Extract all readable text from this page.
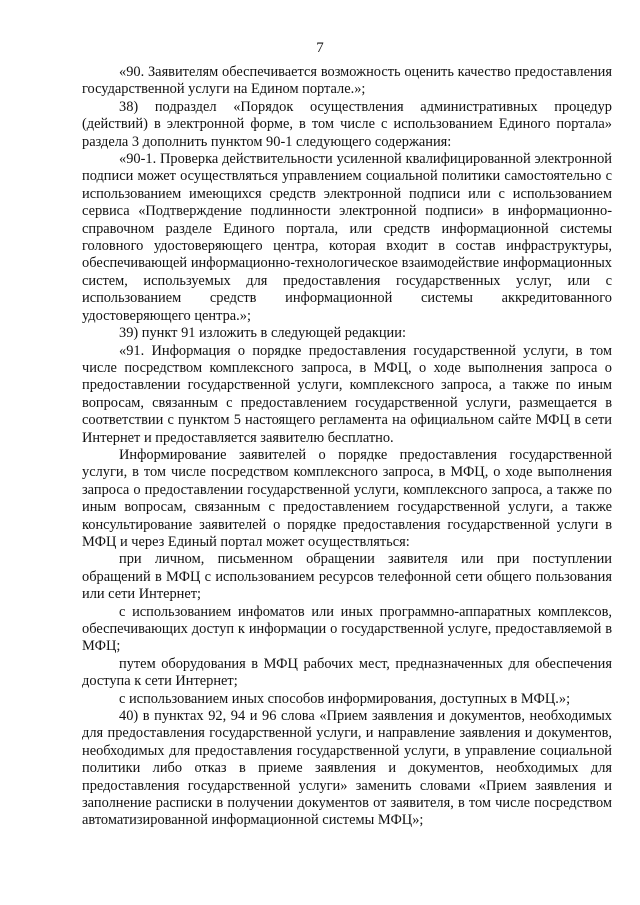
7

«90. Заявителям обеспечивается возможность оценить качество предоставления государственной услуги на Едином портале.»;

38) подраздел «Порядок осуществления административных процедур (действий) в электронной форме, в том числе с использованием Единого портала» раздела 3 дополнить пунктом 90-1 следующего содержания:

«90-1. Проверка действительности усиленной квалифицированной электронной подписи может осуществляться управлением социальной политики самостоятельно с использованием имеющихся средств электронной подписи или с использованием сервиса «Подтверждение подлинности электронной подписи» в информационно-справочном разделе Единого портала, или средств информационной системы головного удостоверяющего центра, которая входит в состав инфраструктуры, обеспечивающей информационно-технологическое взаимодействие информационных систем, используемых для предоставления государственных услуг, или с использованием средств информационной системы аккредитованного удостоверяющего центра.»;

39) пункт 91 изложить в следующей редакции:

«91. Информация о порядке предоставления государственной услуги, в том числе посредством комплексного запроса, в МФЦ, о ходе выполнения запроса о предоставлении государственной услуги, комплексного запроса, а также по иным вопросам, связанным с предоставлением государственной услуги, размещается в соответствии с пунктом 5 настоящего регламента на официальном сайте МФЦ в сети Интернет и предоставляется заявителю бесплатно.

Информирование заявителей о порядке предоставления государственной услуги, в том числе посредством комплексного запроса, в МФЦ, о ходе выполнения запроса о предоставлении государственной услуги, комплексного запроса, а также по иным вопросам, связанным с предоставлением государственной услуги, а также консультирование заявителей о порядке предоставления государственной услуги в МФЦ и через Единый портал может осуществляться:

при личном, письменном обращении заявителя или при поступлении обращений в МФЦ с использованием ресурсов телефонной сети общего пользования или сети Интернет;

с использованием инфоматов или иных программно-аппаратных комплексов, обеспечивающих доступ к информации о государственной услуге, предоставляемой в МФЦ;

путем оборудования в МФЦ рабочих мест, предназначенных для обеспечения доступа к сети Интернет;

с использованием иных способов информирования, доступных в МФЦ.»;

40) в пунктах 92, 94 и 96 слова «Прием заявления и документов, необходимых для предоставления государственной услуги, и направление заявления и документов, необходимых для предоставления государственной услуги, в управление социальной политики либо отказ в приеме заявления и документов, необходимых для предоставления государственной услуги» заменить словами «Прием заявления и заполнение расписки в получении документов от заявителя, в том числе посредством автоматизированной информационной системы МФЦ»;
